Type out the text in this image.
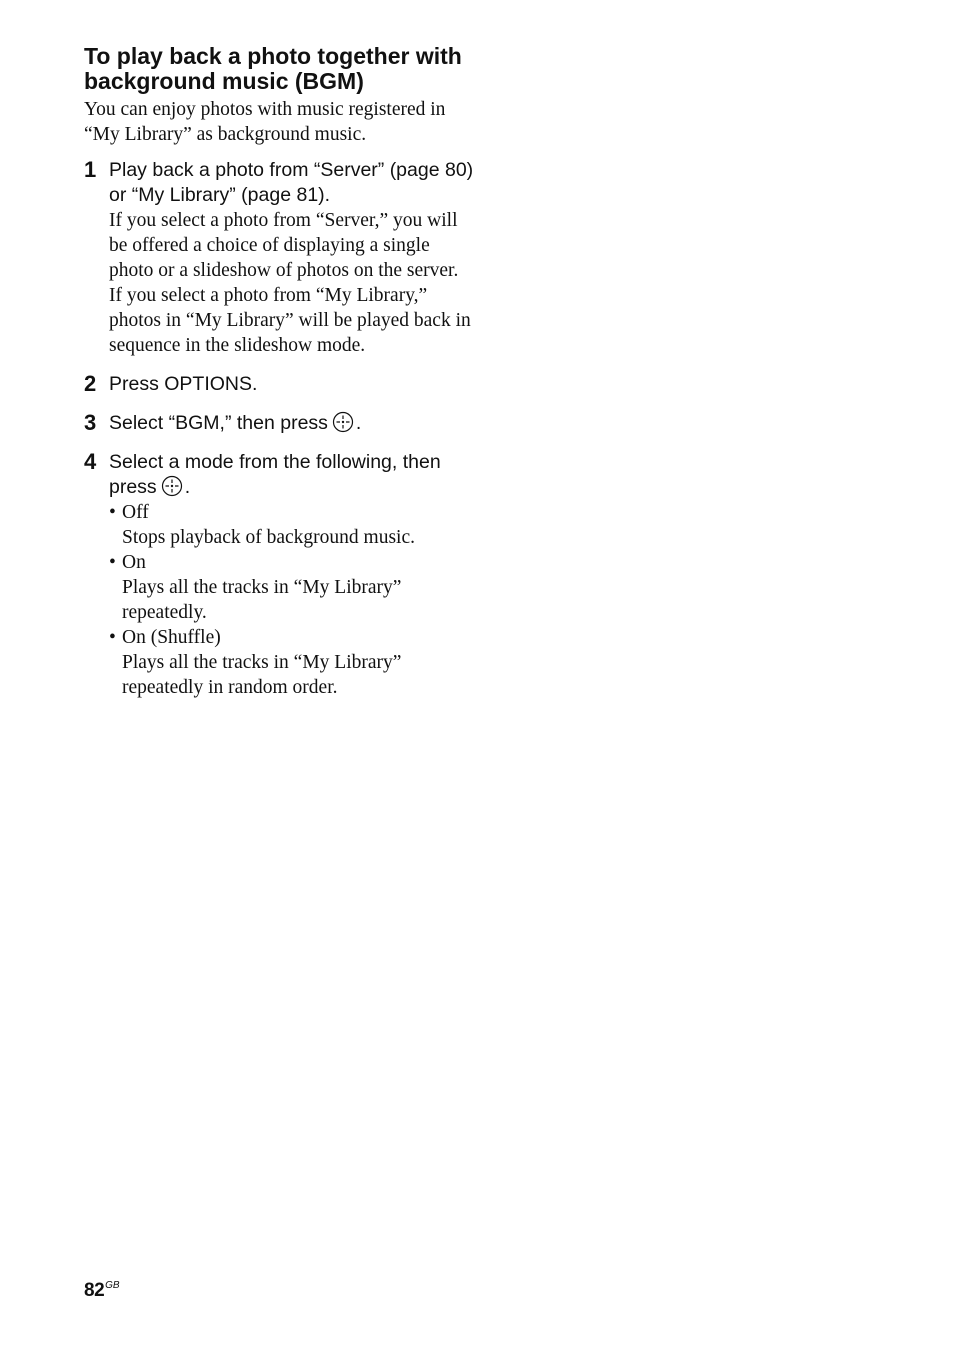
To play back a photo together with background music (BGM)

You can enjoy photos with music registered in “My Library” as background music.

1 Play back a photo from “Server” (page 80) or “My Library” (page 81).
If you select a photo from “Server,” you will be offered a choice of displaying a single photo or a slideshow of photos on the server.
If you select a photo from “My Library,” photos in “My Library” will be played back in sequence in the slideshow mode.
2 Press OPTIONS.
3 Select “BGM,” then press .
4 Select a mode from the following, then press .
• Off
Stops playback of background music.
• On
Plays all the tracks in “My Library” repeatedly.
• On (Shuffle)
Plays all the tracks in “My Library” repeatedly in random order.
$82^{GB}$
